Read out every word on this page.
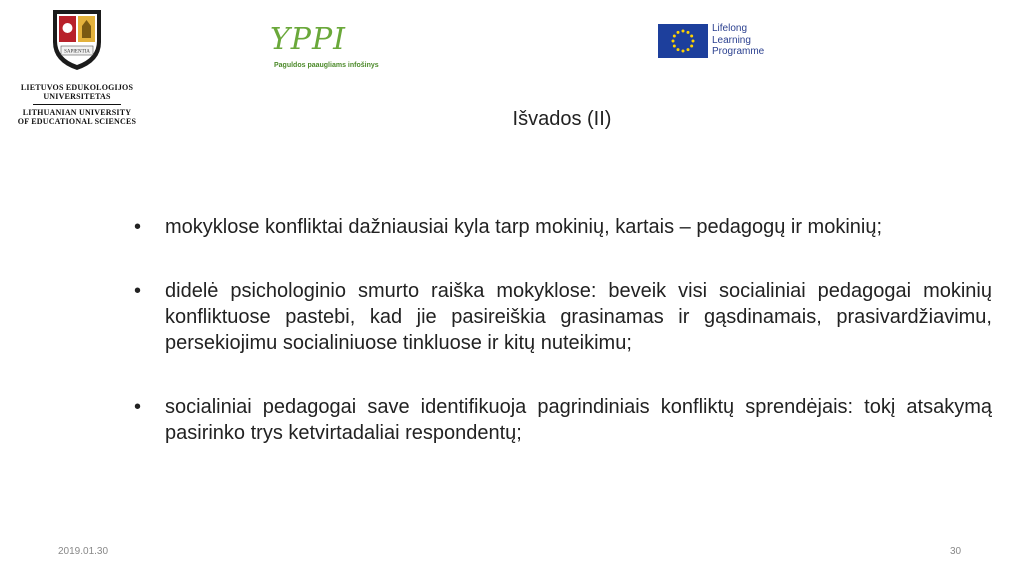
SAPIENTIA
LIETUVOS EDUKOLOGIJOS
UNIVERSITETAS
LITHUANIAN UNIVERSITY
OF EDUCATIONAL SCIENCES
YPPI
Paguldos paaugliams infošinys
Lifelong
Learning
Programme
Išvados (II)
•	mokyklose konfliktai dažniausiai kyla tarp mokinių, kartais – pedagogų ir mokinių;
•	didelė psichologinio smurto raiška mokyklose: beveik visi socialiniai pedagogai mokinių konfliktuose pastebi, kad jie pasireiškia grasinamas ir gąsdinamais, prasivardžiavimu, persekiojimu socialiniuose tinkluose ir kitų nuteikimu;
•	socialiniai pedagogai save identifikuoja pagrindiniais konfliktų sprendėjais: tokį atsakymą pasirinko trys ketvirtadaliai respondentų;
2019.01.30	30
